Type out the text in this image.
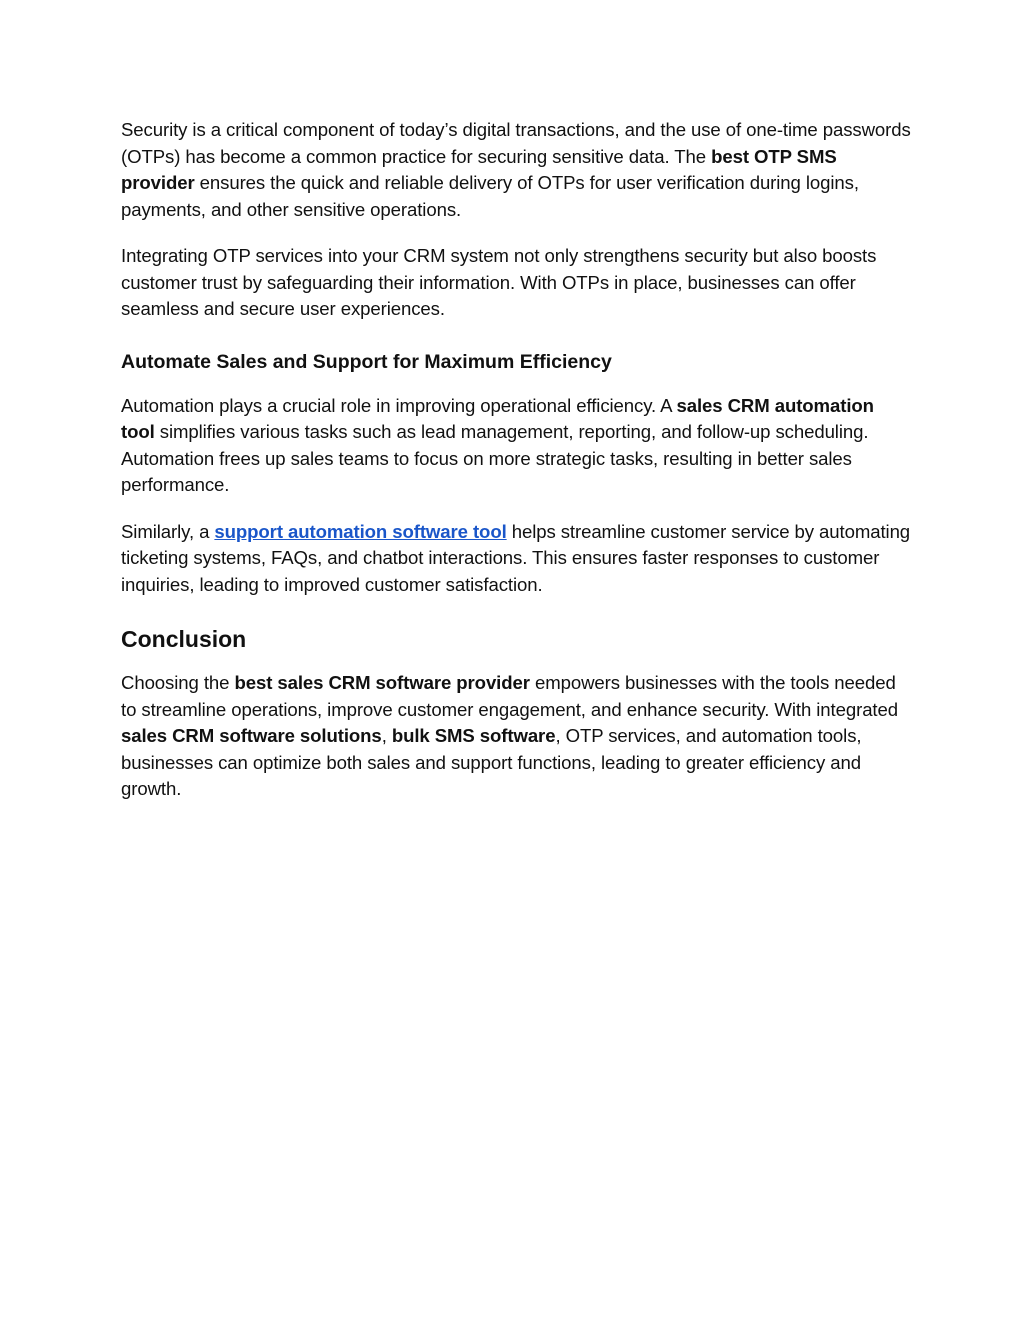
Security is a critical component of today’s digital transactions, and the use of one-time passwords (OTPs) has become a common practice for securing sensitive data. The best OTP SMS provider ensures the quick and reliable delivery of OTPs for user verification during logins, payments, and other sensitive operations.

Integrating OTP services into your CRM system not only strengthens security but also boosts customer trust by safeguarding their information. With OTPs in place, businesses can offer seamless and secure user experiences.

Automate Sales and Support for Maximum Efficiency

Automation plays a crucial role in improving operational efficiency. A sales CRM automation tool simplifies various tasks such as lead management, reporting, and follow-up scheduling. Automation frees up sales teams to focus on more strategic tasks, resulting in better sales performance.

Similarly, a support automation software tool helps streamline customer service by automating ticketing systems, FAQs, and chatbot interactions. This ensures faster responses to customer inquiries, leading to improved customer satisfaction.

Conclusion

Choosing the best sales CRM software provider empowers businesses with the tools needed to streamline operations, improve customer engagement, and enhance security. With integrated sales CRM software solutions, bulk SMS software, OTP services, and automation tools, businesses can optimize both sales and support functions, leading to greater efficiency and growth.
